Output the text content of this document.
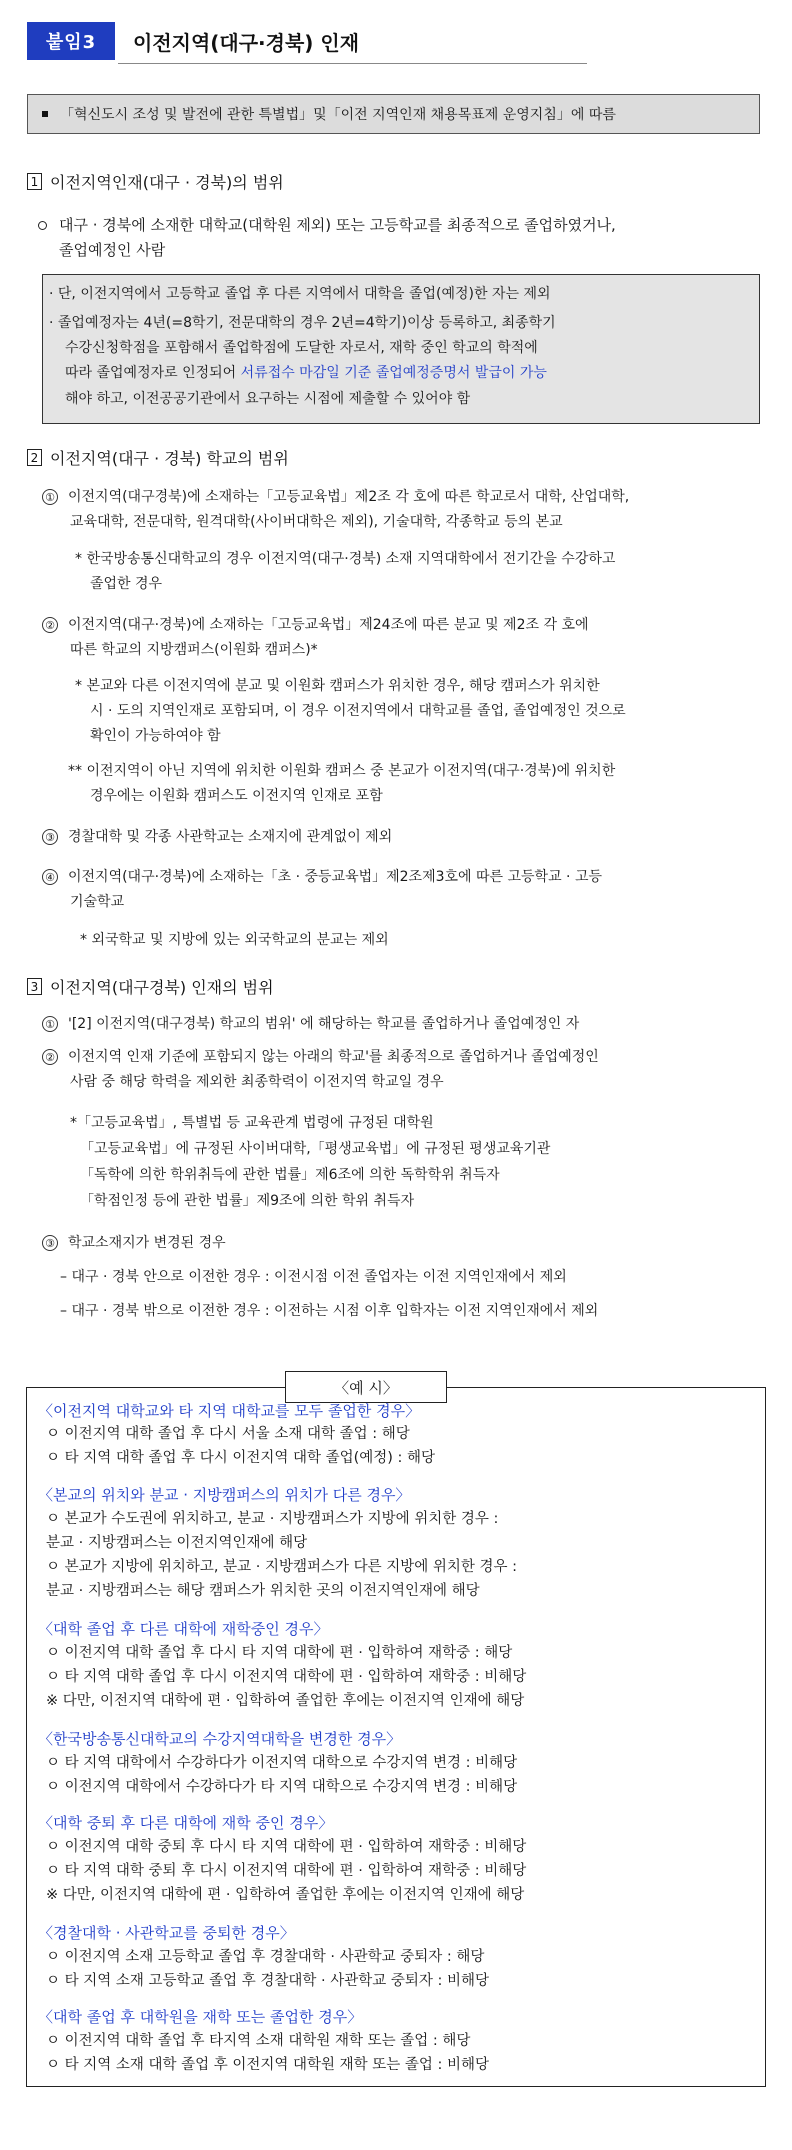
붙임3	이전지역(대구·경북) 인재
「혁신도시 조성 및 발전에 관한 특별법」및「이전 지역인재 채용목표제 운영지침」에 따름
1 이전지역인재(대구 · 경북)의 범위
대구 · 경북에 소재한 대학교(대학원 제외) 또는 고등학교를 최종적으로 졸업하였거나,
졸업예정인 사람
· 단, 이전지역에서 고등학교 졸업 후 다른 지역에서 대학을 졸업(예정)한 자는 제외
· 졸업예정자는 4년(=8학기, 전문대학의 경우 2년=4학기)이상 등록하고, 최종학기
수강신청학점을 포함해서 졸업학점에 도달한 자로서, 재학 중인 학교의 학적에
따라 졸업예정자로 인정되어 서류접수 마감일 기준 졸업예정증명서 발급이 가능
해야 하고, 이전공공기관에서 요구하는 시점에 제출할 수 있어야 함
2 이전지역(대구 · 경북) 학교의 범위
① 이전지역(대구경북)에 소재하는「고등교육법」제2조 각 호에 따른 학교로서 대학, 산업대학,
교육대학, 전문대학, 원격대학(사이버대학은 제외), 기술대학, 각종학교 등의 본교
* 한국방송통신대학교의 경우 이전지역(대구·경북) 소재 지역대학에서 전기간을 수강하고
졸업한 경우
② 이전지역(대구·경북)에 소재하는「고등교육법」제24조에 따른 분교 및 제2조 각 호에
따른 학교의 지방캠퍼스(이원화 캠퍼스)*
* 본교와 다른 이전지역에 분교 및 이원화 캠퍼스가 위치한 경우, 해당 캠퍼스가 위치한
시 · 도의 지역인재로 포함되며, 이 경우 이전지역에서 대학교를 졸업, 졸업예정인 것으로
확인이 가능하여야 함
** 이전지역이 아닌 지역에 위치한 이원화 캠퍼스 중 본교가 이전지역(대구·경북)에 위치한
경우에는 이원화 캠퍼스도 이전지역 인재로 포함
③ 경찰대학 및 각종 사관학교는 소재지에 관계없이 제외
④ 이전지역(대구·경북)에 소재하는「초 · 중등교육법」제2조제3호에 따른 고등학교 · 고등
기술학교
* 외국학교 및 지방에 있는 외국학교의 분교는 제외
3 이전지역(대구경북) 인재의 범위
① '[2] 이전지역(대구경북) 학교의 범위' 에 해당하는 학교를 졸업하거나 졸업예정인 자
② 이전지역 인재 기준에 포함되지 않는 아래의 학교'를 최종적으로 졸업하거나 졸업예정인
사람 중 해당 학력을 제외한 최종학력이 이전지역 학교일 경우
*「고등교육법」, 특별법 등 교육관계 법령에 규정된 대학원
「고등교육법」에 규정된 사이버대학,「평생교육법」에 규정된 평생교육기관
「독학에 의한 학위취득에 관한 법률」제6조에 의한 독학학위 취득자
「학점인정 등에 관한 법률」제9조에 의한 학위 취득자
③ 학교소재지가 변경된 경우
– 대구 · 경북 안으로 이전한 경우 : 이전시점 이전 졸업자는 이전 지역인재에서 제외
– 대구 · 경북 밖으로 이전한 경우 : 이전하는 시점 이후 입학자는 이전 지역인재에서 제외
〈예 시〉
〈이전지역 대학교와 타 지역 대학교를 모두 졸업한 경우〉
ㅇ 이전지역 대학 졸업 후 다시 서울 소재 대학 졸업 : 해당
ㅇ 타 지역 대학 졸업 후 다시 이전지역 대학 졸업(예정) : 해당
〈본교의 위치와 분교 · 지방캠퍼스의 위치가 다른 경우〉
ㅇ 본교가 수도권에 위치하고, 분교 · 지방캠퍼스가 지방에 위치한 경우 :
분교 · 지방캠퍼스는 이전지역인재에 해당
ㅇ 본교가 지방에 위치하고, 분교 · 지방캠퍼스가 다른 지방에 위치한 경우 :
분교 · 지방캠퍼스는 해당 캠퍼스가 위치한 곳의 이전지역인재에 해당
〈대학 졸업 후 다른 대학에 재학중인 경우〉
ㅇ 이전지역 대학 졸업 후 다시 타 지역 대학에 편 · 입학하여 재학중 : 해당
ㅇ 타 지역 대학 졸업 후 다시 이전지역 대학에 편 · 입학하여 재학중 : 비해당
※ 다만, 이전지역 대학에 편 · 입학하여 졸업한 후에는 이전지역 인재에 해당
〈한국방송통신대학교의 수강지역대학을 변경한 경우〉
ㅇ 타 지역 대학에서 수강하다가 이전지역 대학으로 수강지역 변경 : 비해당
ㅇ 이전지역 대학에서 수강하다가 타 지역 대학으로 수강지역 변경 : 비해당
〈대학 중퇴 후 다른 대학에 재학 중인 경우〉
ㅇ 이전지역 대학 중퇴 후 다시 타 지역 대학에 편 · 입학하여 재학중 : 비해당
ㅇ 타 지역 대학 중퇴 후 다시 이전지역 대학에 편 · 입학하여 재학중 : 비해당
※ 다만, 이전지역 대학에 편 · 입학하여 졸업한 후에는 이전지역 인재에 해당
〈경찰대학 · 사관학교를 중퇴한 경우〉
ㅇ 이전지역 소재 고등학교 졸업 후 경찰대학 · 사관학교 중퇴자 : 해당
ㅇ 타 지역 소재 고등학교 졸업 후 경찰대학 · 사관학교 중퇴자 : 비해당
〈대학 졸업 후 대학원을 재학 또는 졸업한 경우〉
ㅇ 이전지역 대학 졸업 후 타지역 소재 대학원 재학 또는 졸업 : 해당
ㅇ 타 지역 소재 대학 졸업 후 이전지역 대학원 재학 또는 졸업 : 비해당
